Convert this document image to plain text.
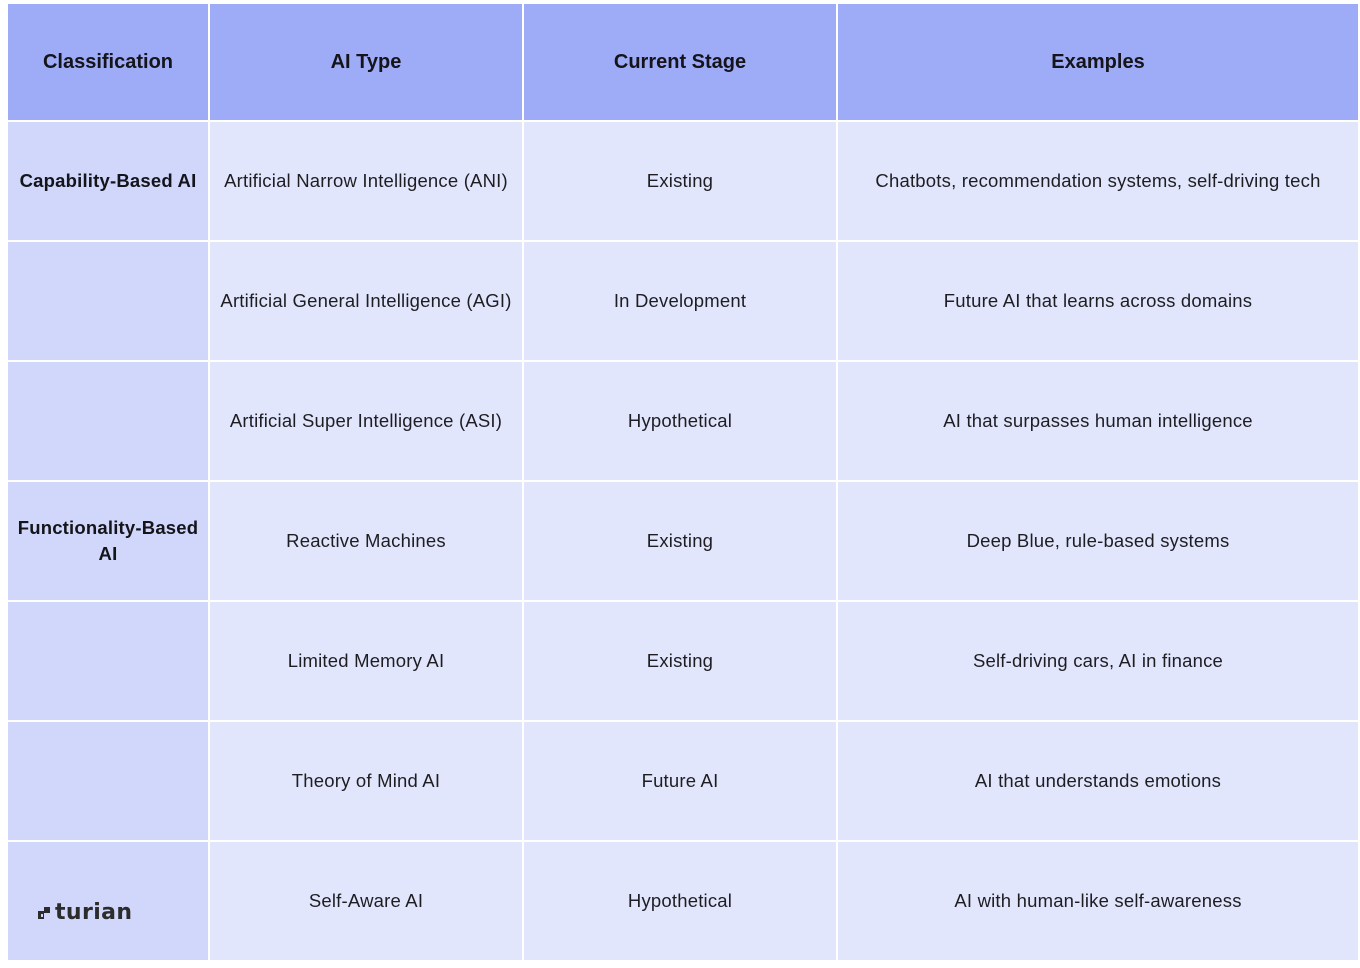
Classification	AI Type	Current Stage	Examples
Capability-Based AI	Artificial Narrow Intelligence (ANI)	Existing	Chatbots, recommendation systems, self-driving tech
	Artificial General Intelligence (AGI)	In Development	Future AI that learns across domains
	Artificial Super Intelligence (ASI)	Hypothetical	AI that surpasses human intelligence
Functionality-Based AI	Reactive Machines	Existing	Deep Blue, rule-based systems
	Limited Memory AI	Existing	Self-driving cars, AI in finance
	Theory of Mind AI	Future AI	AI that understands emotions

turian	Self-Aware AI	Hypothetical	AI with human-like self-awareness
